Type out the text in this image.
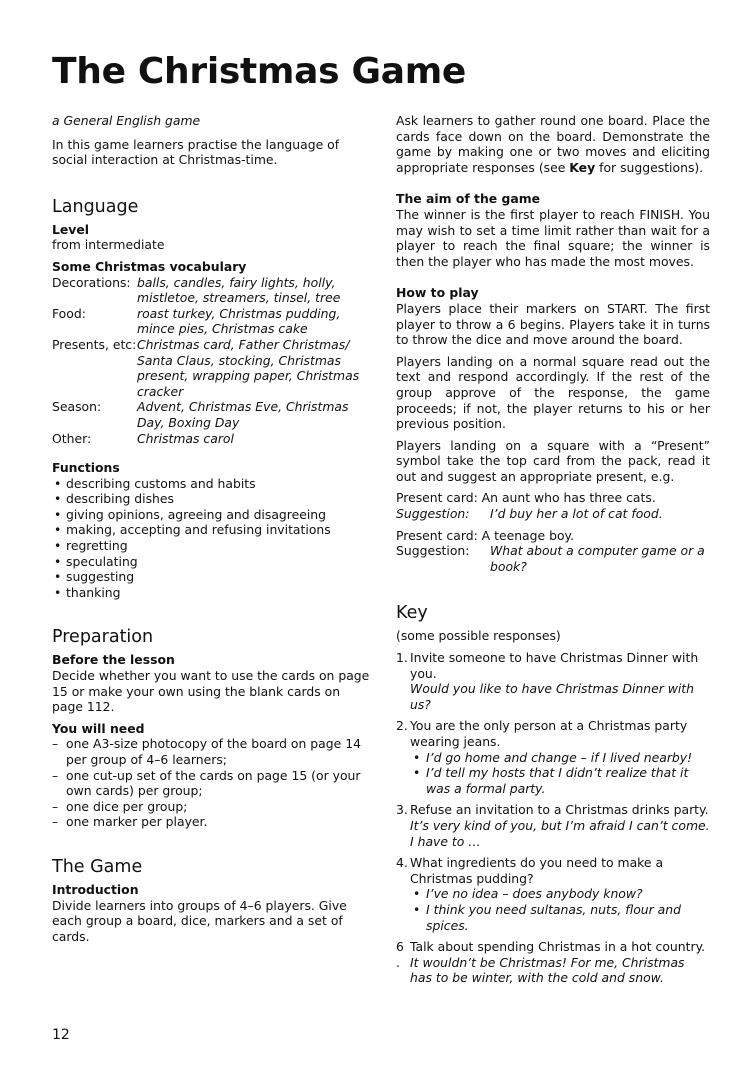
The Christmas Game

a General English game

In this game learners practise the language of social interaction at Christmas-time.

Language
Level

from intermediate

Some Christmas vocabulary
Decorations: balls, candles, fairy lights, holly, mistletoe, streamers, tinsel, tree
Food:	roast turkey, Christmas pudding, mince pies, Christmas cake
Presents, etc: Christmas card, Father Christmas/ Santa Claus, stocking, Christmas present, wrapping paper, Christmas cracker
Season:	Advent, Christmas Eve, Christmas Day, Boxing Day
Other:	Christmas carol
Functions
• describing customs and habits
• describing dishes
• giving opinions, agreeing and disagreeing
• making, accepting and refusing invitations
• regretting
• speculating
• suggesting
• thanking
Preparation
Before the lesson

Decide whether you want to use the cards on page 15 or make your own using the blank cards on page 112.

You will need
– one A3-size photocopy of the board on page 14 per group of 4–6 learners;
– one cut-up set of the cards on page 15 (or your own cards) per group;
– one dice per group;
– one marker per player.
The Game
Introduction

Divide learners into groups of 4–6 players. Give each group a board, dice, markers and a set of cards.

Ask learners to gather round one board. Place the cards face down on the board. Demonstrate the game by making one or two moves and eliciting appropriate responses (see Key for suggestions).

The aim of the game

The winner is the first player to reach FINISH. You may wish to set a time limit rather than wait for a player to reach the final square; the winner is then the player who has made the most moves.

How to play

Players place their markers on START. The first player to throw a 6 begins. Players take it in turns to throw the dice and move around the board.

Players landing on a normal square read out the text and respond accordingly. If the rest of the group approve of the response, the game proceeds; if not, the player returns to his or her previous position.

Players landing on a square with a “Present” symbol take the top card from the pack, read it out and suggest an appropriate present, e.g.

Present card: An aunt who has three cats.

Suggestion:	I’d buy her a lot of cat food.

Present card: A teenage boy.

Suggestion:	What about a computer game or a book?
Key

(some possible responses)

1. Invite someone to have Christmas Dinner with you.

Would you like to have Christmas Dinner with us?

2. You are the only person at a Christmas party wearing jeans.

• I’d go home and change – if I lived nearby!
• I’d tell my hosts that I didn’t realize that it was a formal party.
3. Refuse an invitation to a Christmas drinks party.

It’s very kind of you, but I’m afraid I can’t come. I have to …

4. What ingredients do you need to make a Christmas pudding?

• I’ve no idea – does anybody know?
• I think you need sultanas, nuts, flour and spices.
6 .

Talk about spending Christmas in a hot country.

It wouldn’t be Christmas! For me, Christmas has to be winter, with the cold and snow.

12
